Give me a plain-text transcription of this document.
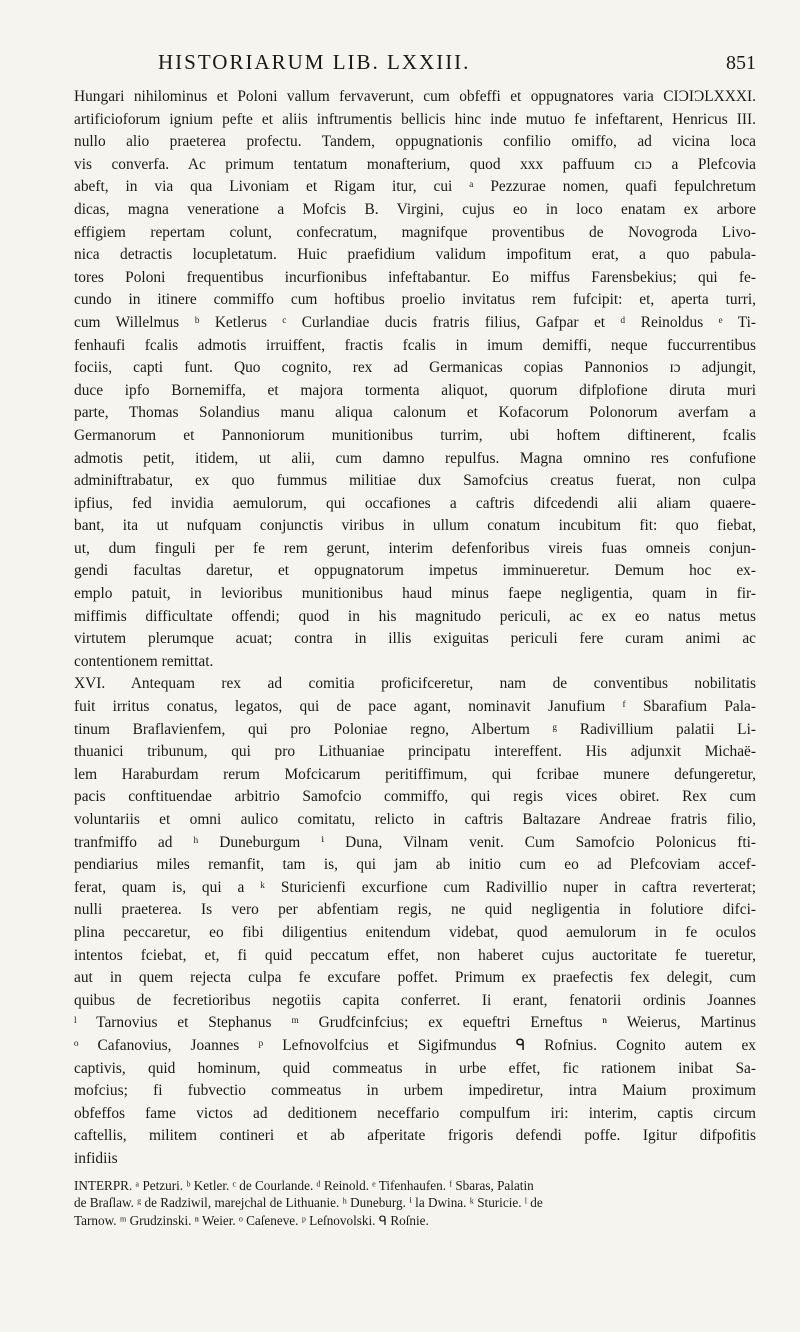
HISTORIARUM LIB. LXXIII.	851
Hungari nihilominus et Poloni vallum fervaverunt, cum obfeffi et oppugnatores varia CIƆIƆLXXXI.
artificioforum ignium pefte et aliis inftrumentis bellicis hinc inde mutuo fe infeftarent, Henricus III.
nullo alio praeterea profectu. Tandem, oppugnationis confilio omiffo, ad vicina loca
vis converfa. Ac primum tentatum monafterium, quod xxx paffuum cıɔ a Plefcovia
abeft, in via qua Livoniam et Rigam itur, cui ᵃ Pezzurae nomen, quafi fepulchretum
dicas, magna veneratione a Mofcis B. Virgini, cujus eo in loco enatam ex arbore
effigiem repertam colunt, confecratum, magnifque proventibus de Novogroda Livo-
nica detractis locupletatum. Huic praefidium validum impofitum erat, a quo pabula-
tores Poloni frequentibus incurfionibus infeftabantur. Eo miffus Farensbekius; qui fe-
cundo in itinere commiffo cum hoftibus proelio invitatus rem fufcipit: et, aperta turri,
cum Willelmus ᵇ Ketlerus ᶜ Curlandiae ducis fratris filius, Gafpar et ᵈ Reinoldus ᵉ Ti-
fenhaufi fcalis admotis irruiffent, fractis fcalis in imum demiffi, neque fuccurrentibus
fociis, capti funt. Quo cognito, rex ad Germanicas copias Pannonios ɪɔ adjungit,
duce ipfo Bornemiffa, et majora tormenta aliquot, quorum difplofione diruta muri
parte, Thomas Solandius manu aliqua calonum et Kofacorum Polonorum averfam a
Germanorum et Pannoniorum munitionibus turrim, ubi hoftem diftinerent, fcalis
admotis petit, itidem, ut alii, cum damno repulfus. Magna omnino res confufione
adminiftrabatur, ex quo fummus militiae dux Samofcius creatus fuerat, non culpa
ipfius, fed invidia aemulorum, qui occafiones a caftris difcedendi alii aliam quaere-
bant, ita ut nufquam conjunctis viribus in ullum conatum incubitum fit: quo fiebat,
ut, dum finguli per fe rem gerunt, interim defenforibus vireis fuas omneis conjun-
gendi facultas daretur, et oppugnatorum impetus imminueretur. Demum hoc ex-
emplo patuit, in levioribus munitionibus haud minus faepe negligentia, quam in fir-
miffimis difficultate offendi; quod in his magnitudo periculi, ac ex eo natus metus
virtutem plerumque acuat; contra in illis exiguitas periculi fere curam animi ac
contentionem remittat.
XVI. Antequam rex ad comitia proficifceretur, nam de conventibus nobilitatis
fuit irritus conatus, legatos, qui de pace agant, nominavit Janufium ᶠ Sbarafium Pala-
tinum Braflavienfem, qui pro Poloniae regno, Albertum ᵍ Radivillium palatii Li-
thuanici tribunum, qui pro Lithuaniae principatu intereffent. His adjunxit Michaë-
lem Haraburdam rerum Mofcicarum peritiffimum, qui fcribae munere defungeretur,
pacis conftituendae arbitrio Samofcio commiffo, qui regis vices obiret. Rex cum
voluntariis et omni aulico comitatu, relicto in caftris Baltazare Andreae fratris filio,
tranfmiffo ad ʰ Duneburgum ⁱ Duna, Vilnam venit. Cum Samofcio Polonicus fti-
pendiarius miles remanfit, tam is, qui jam ab initio cum eo ad Plefcoviam accef-
ferat, quam is, qui a ᵏ Sturicienfi excurfione cum Radivillio nuper in caftra reverterat;
nulli praeterea. Is vero per abfentiam regis, ne quid negligentia in folutiore difci-
plina peccaretur, eo fibi diligentius enitendum videbat, quod aemulorum in fe oculos
intentos fciebat, et, fi quid peccatum effet, non haberet cujus auctoritate fe tueretur,
aut in quem rejecta culpa fe excufare poffet. Primum ex praefectis fex delegit, cum
quibus de fecretioribus negotiis capita conferret. Ii erant, fenatorii ordinis Joannes
ˡ Tarnovius et Stephanus ᵐ Grudfcinfcius; ex equeftri Erneftus ⁿ Weierus, Martinus
ᵒ Cafanovius, Joannes ᵖ Lefnovolfcius et Sigifmundus ᑫ Rofnius. Cognito autem ex
captivis, quid hominum, quid commeatus in urbe effet, fic rationem inibat Sa-
mofcius; fi fubvectio commeatus in urbem impediretur, intra Maium proximum
obfeffos fame victos ad deditionem neceffario compulfum iri: interim, captis circum
caftellis, militem contineri et ab afperitate frigoris defendi poffe. Igitur difpofitis
infidiis
INTERPR. ᵃ Petzuri. ᵇ Ketler. ᶜ de Courlande. ᵈ Reinold. ᵉ Tifenhaufen. ᶠ Sbaras, Palatin
de Braſlaw. ᵍ de Radziwil, marejchal de Lithuanie. ʰ Duneburg. ⁱ la Dwina. ᵏ Sturicie. ˡ de
Tarnow. ᵐ Grudzinski. ⁿ Weier. ᵒ Caſeneve. ᵖ Leſnovolski. ᑫ Roſnie.
